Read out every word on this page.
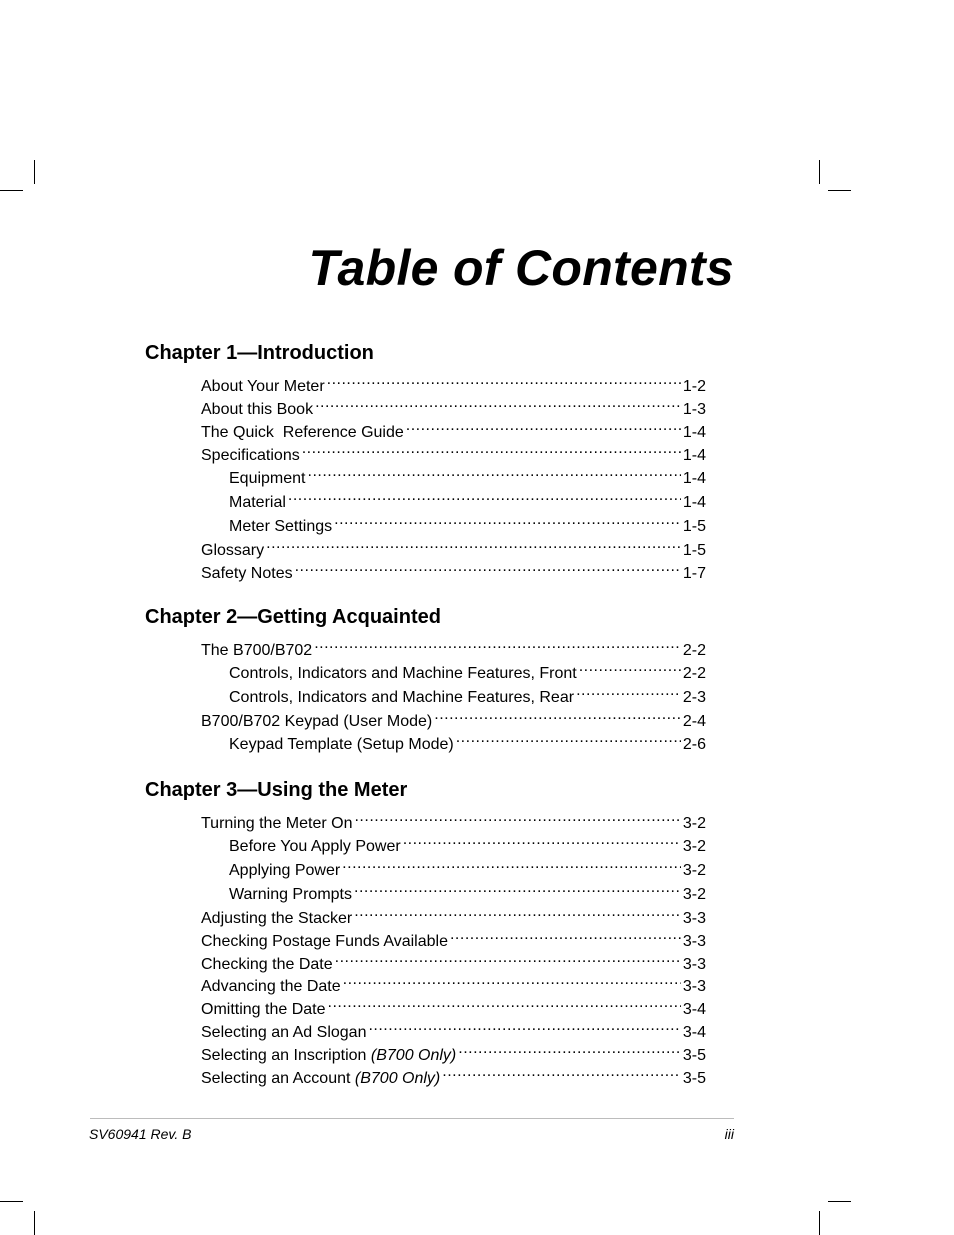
Table of Contents
Chapter 1—Introduction
About Your Meter .....	1-2
About this Book .....	1-3
The Quick  Reference Guide .....	1-4
Specifications .....	1-4
Equipment .....	1-4
Material .....	1-4
Meter Settings .....	1-5
Glossary .....	1-5
Safety Notes .....	1-7
Chapter 2—Getting Acquainted
The B700/B702 .....	2-2
Controls, Indicators and Machine Features, Front .....	2-2
Controls, Indicators and Machine Features, Rear .....	2-3
B700/B702 Keypad (User Mode) .....	2-4
Keypad Template (Setup Mode) .....	2-6
Chapter 3—Using the Meter
Turning the Meter On .....	3-2
Before You Apply Power .....	3-2
Applying Power .....	3-2
Warning Prompts .....	3-2
Adjusting the Stacker .....	3-3
Checking Postage Funds Available .....	3-3
Checking the Date .....	3-3
Advancing the Date .....	3-3
Omitting the Date .....	3-4
Selecting an Ad Slogan .....	3-4
Selecting an Inscription (B700 Only) .....	3-5
Selecting an Account (B700 Only) .....	3-5
SV60941 Rev. B	iii
